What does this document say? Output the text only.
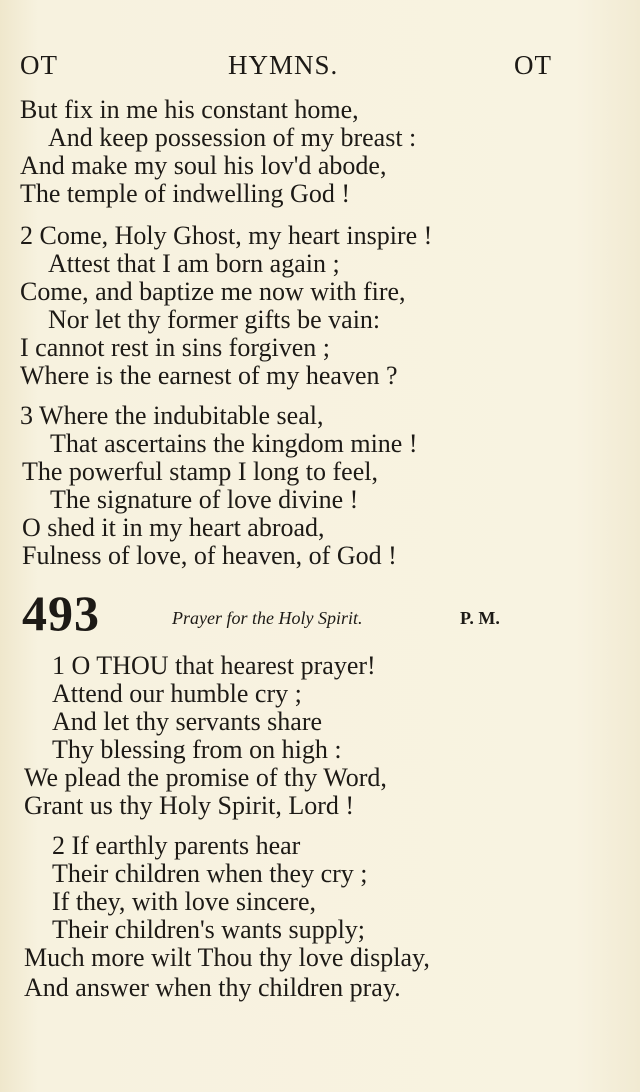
OT	HYMNS.	OT
But fix in me his constant home,
And keep possession of my breast :
And make my soul his lov'd abode,
The temple of indwelling God !
2 Come, Holy Ghost, my heart inspire !
Attest that I am born again ;
Come, and baptize me now with fire,
Nor let thy former gifts be vain:
I cannot rest in sins forgiven ;
Where is the earnest of my heaven ?
3 Where the indubitable seal,
That ascertains the kingdom mine !
The powerful stamp I long to feel,
The signature of love divine !
O shed it in my heart abroad,
Fulness of love, of heaven, of God !
493	Prayer for the Holy Spirit.	P. M.
1 O THOU that hearest prayer!
Attend our humble cry ;
And let thy servants share
Thy blessing from on high :
We plead the promise of thy Word,
Grant us thy Holy Spirit, Lord !
2 If earthly parents hear
Their children when they cry ;
If they, with love sincere,
Their children's wants supply;
Much more wilt Thou thy love display,
And answer when thy children pray.
